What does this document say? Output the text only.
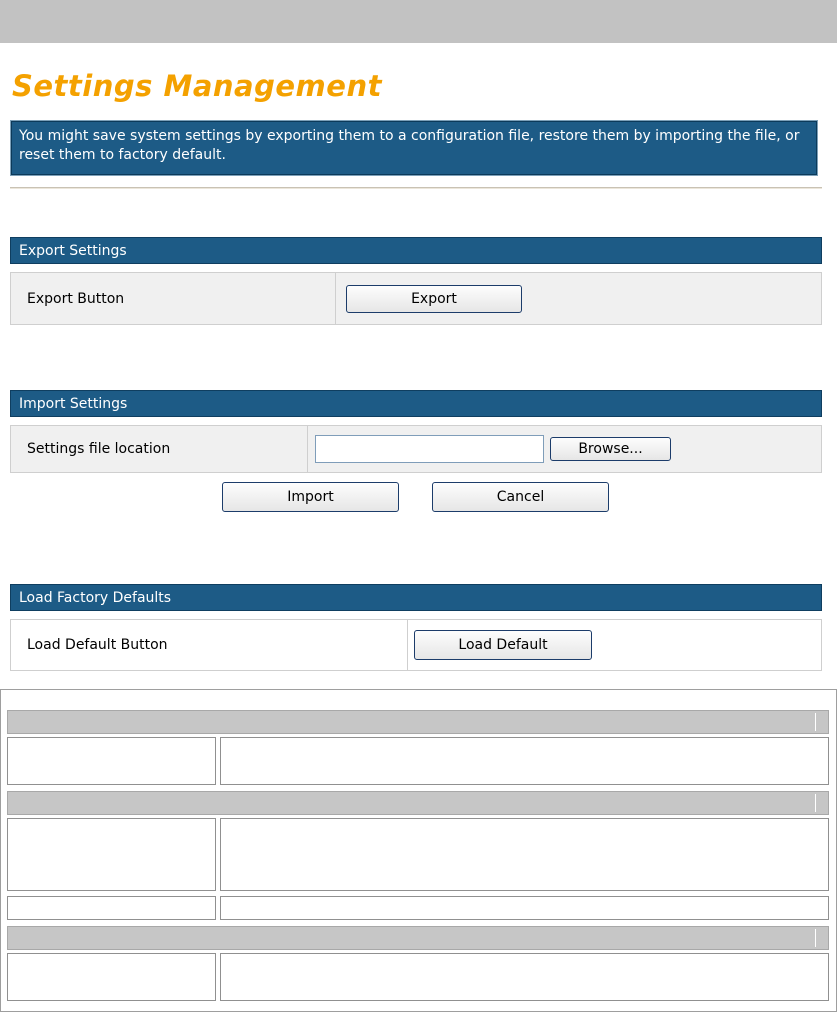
Settings Management
You might save system settings by exporting them to a configuration file, restore them by importing the file, or reset them to factory default.
Export Settings
Export Button	Export
Import Settings
Settings file location	Browse...
Import	Cancel
Load Factory Defaults
Load Default Button	Load Default
